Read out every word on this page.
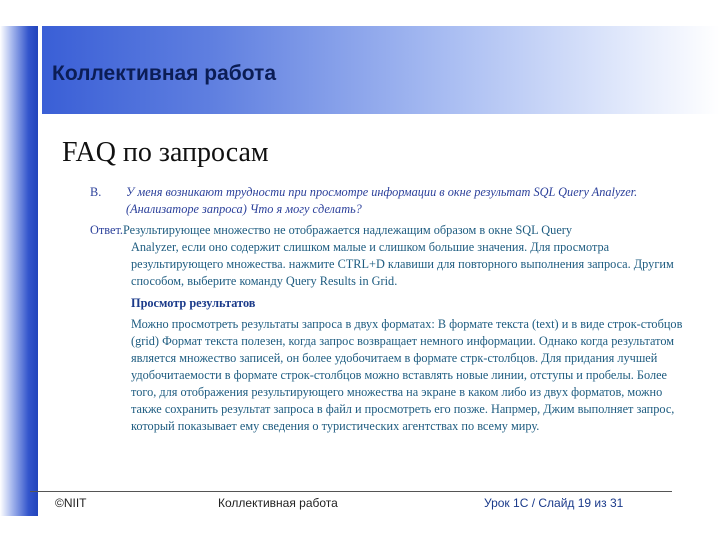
Коллективная работа
FAQ по запросам
В.	У меня возникают трудности при просмотре информации в окне результат SQL Query Analyzer. (Анализаторе запроса) Что я могу сделать?
Ответ. Результирующее множество не отображается надлежащим образом в окне SQL Query
Analyzer, если оно содержит слишком малые и слишком большие значения. Для просмотра результирующего множества. нажмите CTRL+D клавиши для повторного выполнения запроса. Другим способом, выберите команду Query Results in Grid.
Просмотр результатов
Можно просмотреть результаты запроса в двух форматах: В формате текста (text) и в виде строк-стобцов (grid) Формат текста полезен, когда запрос возвращает немного информации. Однако когда результатом является множество записей, он более удобочитаем в формате стрк-столбцов. Для придания лучшей удобочитаемости в формате строк-столбцов можно вставлять новые линии, отступы и пробелы. Более того, для отображения результирующего множества на экране в каком либо из двух форматов, можно также сохранить результат запроса в файл и просмотреть его позже. Напрмер, Джим выполняет запрос, который показывает ему сведения о туристических агентствах по всему миру.
©NIIT	Коллективная работа	Урок 1C / Слайд 19 из 31
